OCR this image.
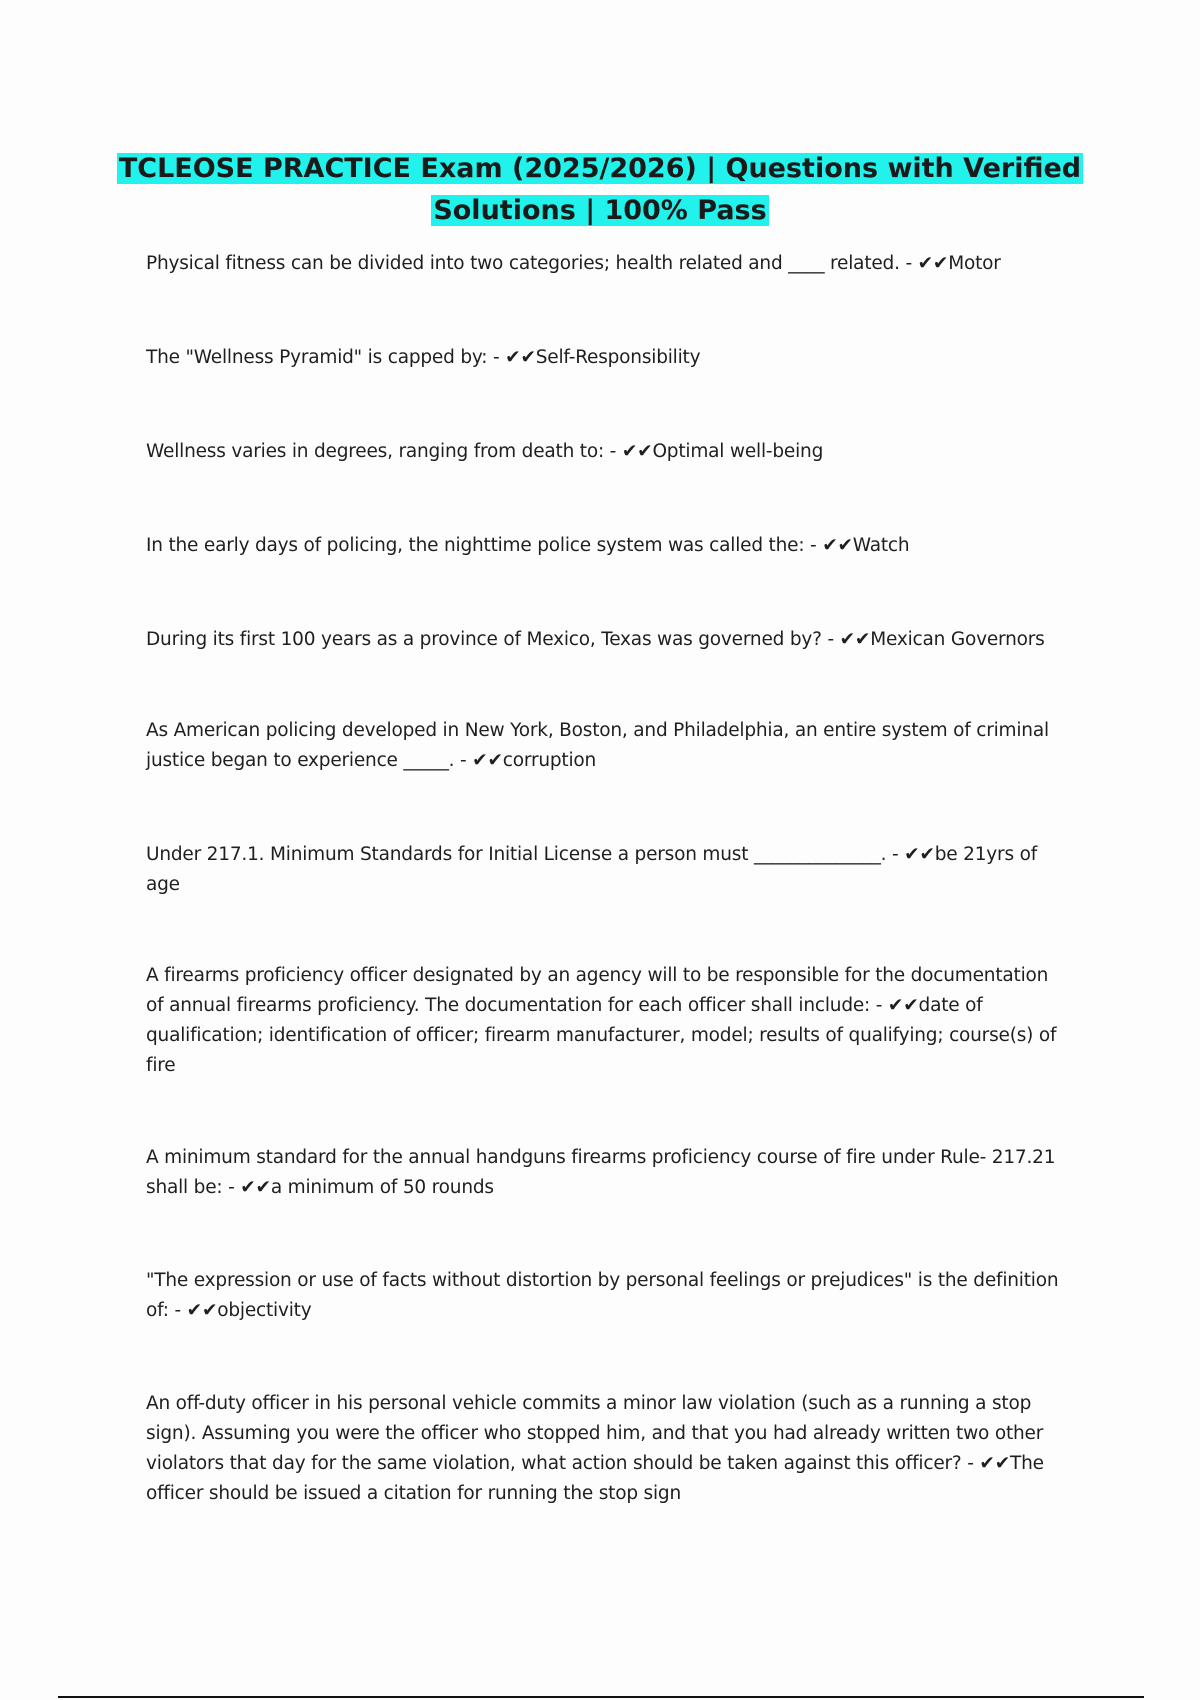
TCLEOSE PRACTICE Exam (2025/2026) | Questions with Verified
Solutions | 100% Pass

Physical fitness can be divided into two categories; health related and ____ related. - ✔✔Motor

The "Wellness Pyramid" is capped by: - ✔✔Self-Responsibility

Wellness varies in degrees, ranging from death to: - ✔✔Optimal well-being

In the early days of policing, the nighttime police system was called the: - ✔✔Watch

During its first 100 years as a province of Mexico, Texas was governed by? - ✔✔Mexican Governors

As American policing developed in New York, Boston, and Philadelphia, an entire system of criminal justice began to experience _____. - ✔✔corruption

Under 217.1. Minimum Standards for Initial License a person must ______________. - ✔✔be 21yrs of age

A firearms proficiency officer designated by an agency will to be responsible for the documentation of annual firearms proficiency. The documentation for each officer shall include: - ✔✔date of qualification; identification of officer; firearm manufacturer, model; results of qualifying; course(s) of fire

A minimum standard for the annual handguns firearms proficiency course of fire under Rule- 217.21 shall be: - ✔✔a minimum of 50 rounds

"The expression or use of facts without distortion by personal feelings or prejudices" is the definition of: - ✔✔objectivity

An off-duty officer in his personal vehicle commits a minor law violation (such as a running a stop sign). Assuming you were the officer who stopped him, and that you had already written two other violators that day for the same violation, what action should be taken against this officer? - ✔✔The officer should be issued a citation for running the stop sign
